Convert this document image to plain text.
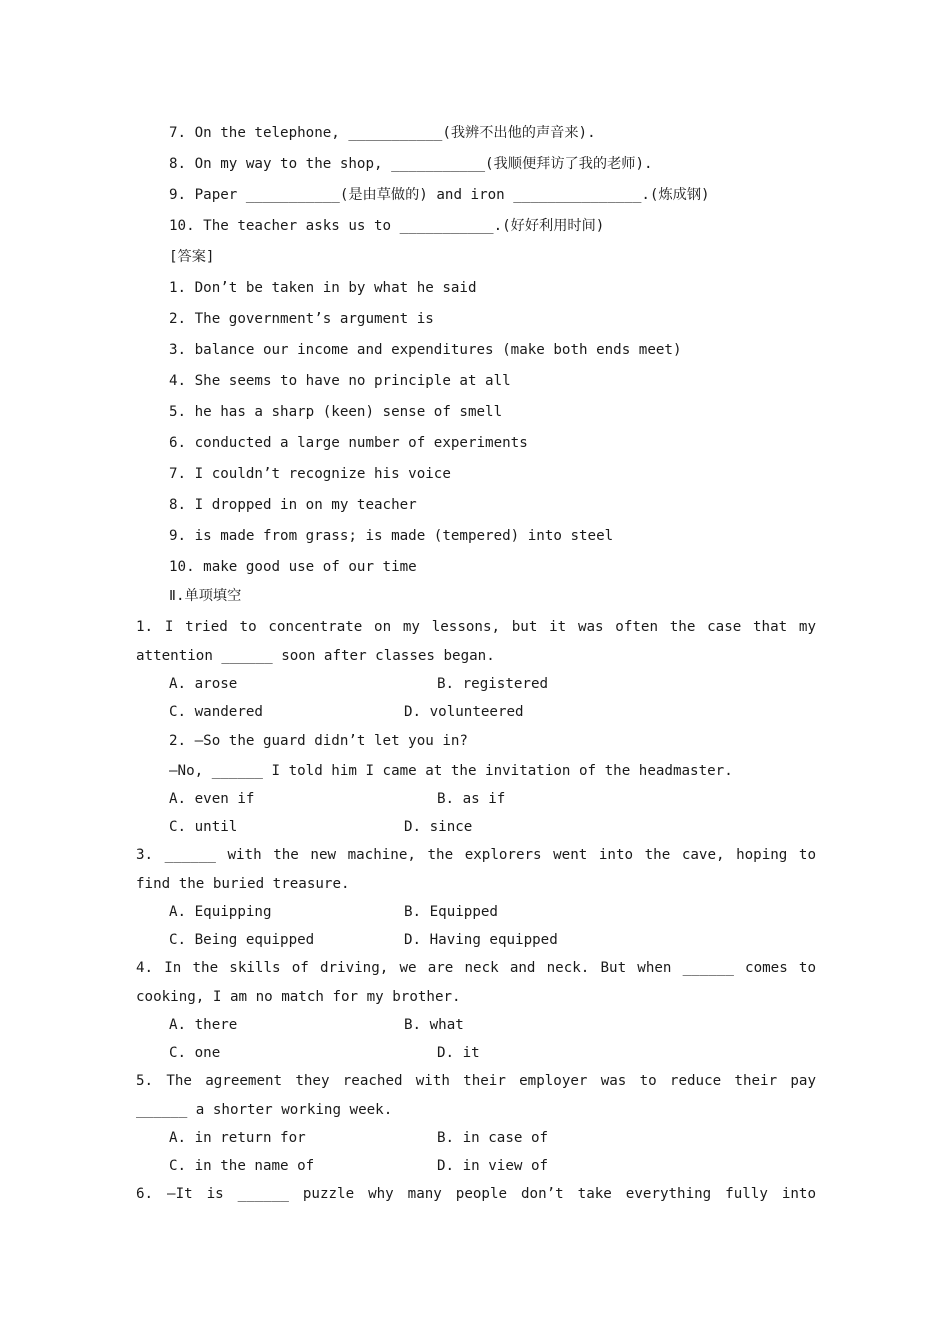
7. On the telephone, ___________(我辨不出他的声音来).
8. On my way to the shop, ___________(我顺便拜访了我的老师).
9. Paper ___________(是由草做的) and iron _______________.(炼成钢)
10. The teacher asks us to ___________.(好好利用时间)
[答案]
1. Don’t be taken in by what he said
2. The government’s argument is
3. balance our income and expenditures (make both ends meet)
4. She seems to have no principle at all
5. he has a sharp (keen) sense of smell
6. conducted a large number of experiments
7. I couldn’t recognize his voice
8. I dropped in on my teacher
9. is made from grass; is made (tempered) into steel
10. make good use of our time
Ⅱ.单项填空
1. I tried to concentrate on my lessons, but it was often the case that my
attention ______ soon after classes began.
A. arose	B. registered
C. wandered	D. volunteered
2. —So the guard didn’t let you in?
—No, ______ I told him I came at the invitation of the headmaster.
A. even if	B. as if
C. until	D. since
3. ______ with the new machine, the explorers went into the cave, hoping to
find the buried treasure.
A. Equipping	B. Equipped
C. Being equipped	D. Having equipped
4. In the skills of driving, we are neck and neck. But when ______ comes to
cooking, I am no match for my brother.
A. there	B. what
C. one	D. it
5. The agreement they reached with their employer was to reduce their pay
______ a shorter working week.
A. in return for	B. in case of
C. in the name of	D. in view of
6. —It is ______ puzzle why many people don’t take everything fully into
